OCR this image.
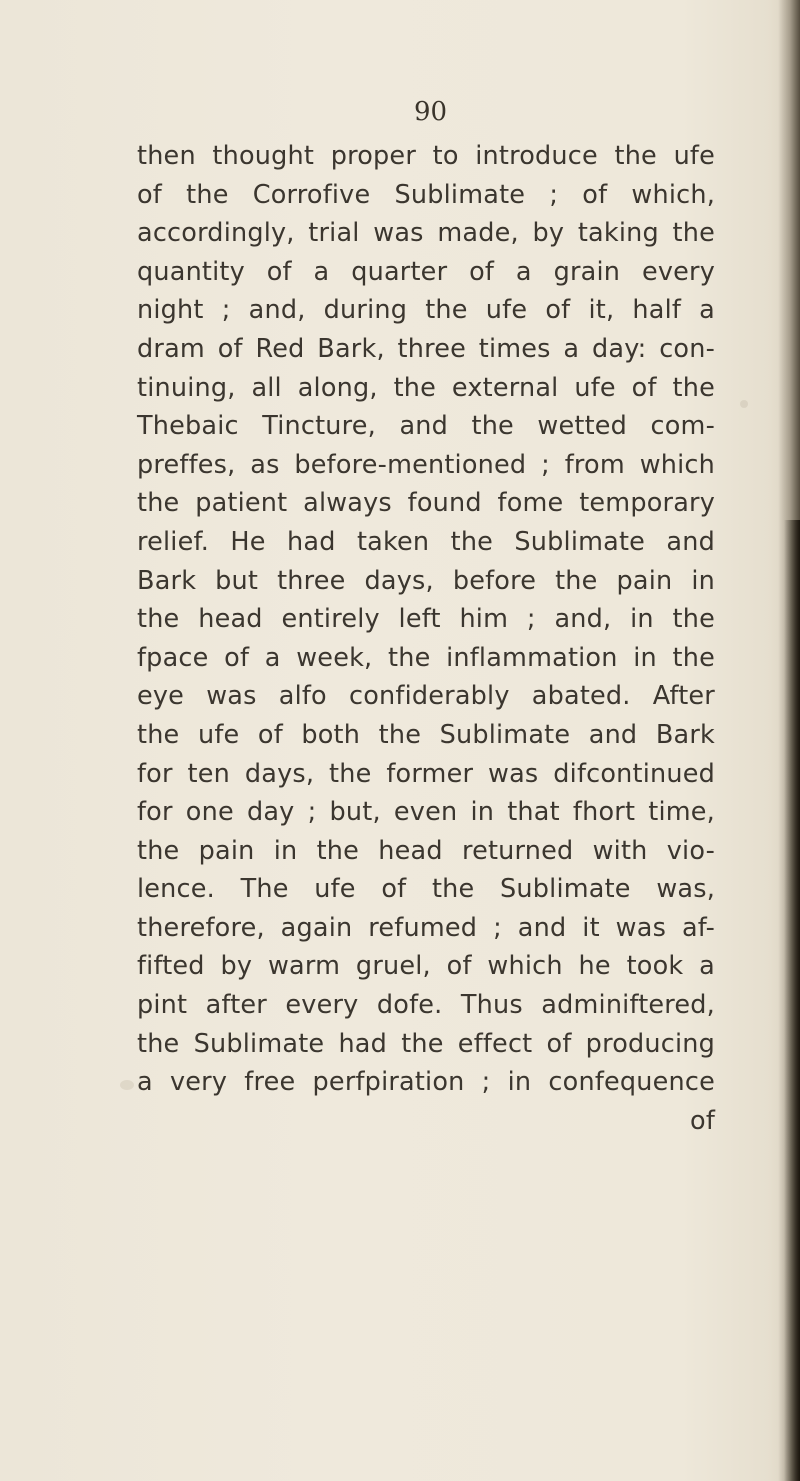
90
then thought proper to introduce the ufe
of the Corrofive Sublimate ; of which,
accordingly, trial was made, by taking the
quantity of a quarter of a grain every
night ; and, during the ufe of it, half a
dram of Red Bark, three times a day: con-
tinuing, all along, the external ufe of the
Thebaic Tincture, and the wetted com-
preffes, as before-mentioned ; from which
the patient always found fome temporary
relief. He had taken the Sublimate and
Bark but three days, before the pain in
the head entirely left him ; and, in the
fpace of a week, the inflammation in the
eye was alfo confiderably abated. After
the ufe of both the Sublimate and Bark
for ten days, the former was difcontinued
for one day ; but, even in that fhort time,
the pain in the head returned with vio-
lence. The ufe of the Sublimate was,
therefore, again refumed ; and it was af-
fifted by warm gruel, of which he took a
pint after every dofe. Thus adminiftered,
the Sublimate had the effect of producing
a very free perfpiration ; in confequence
of
